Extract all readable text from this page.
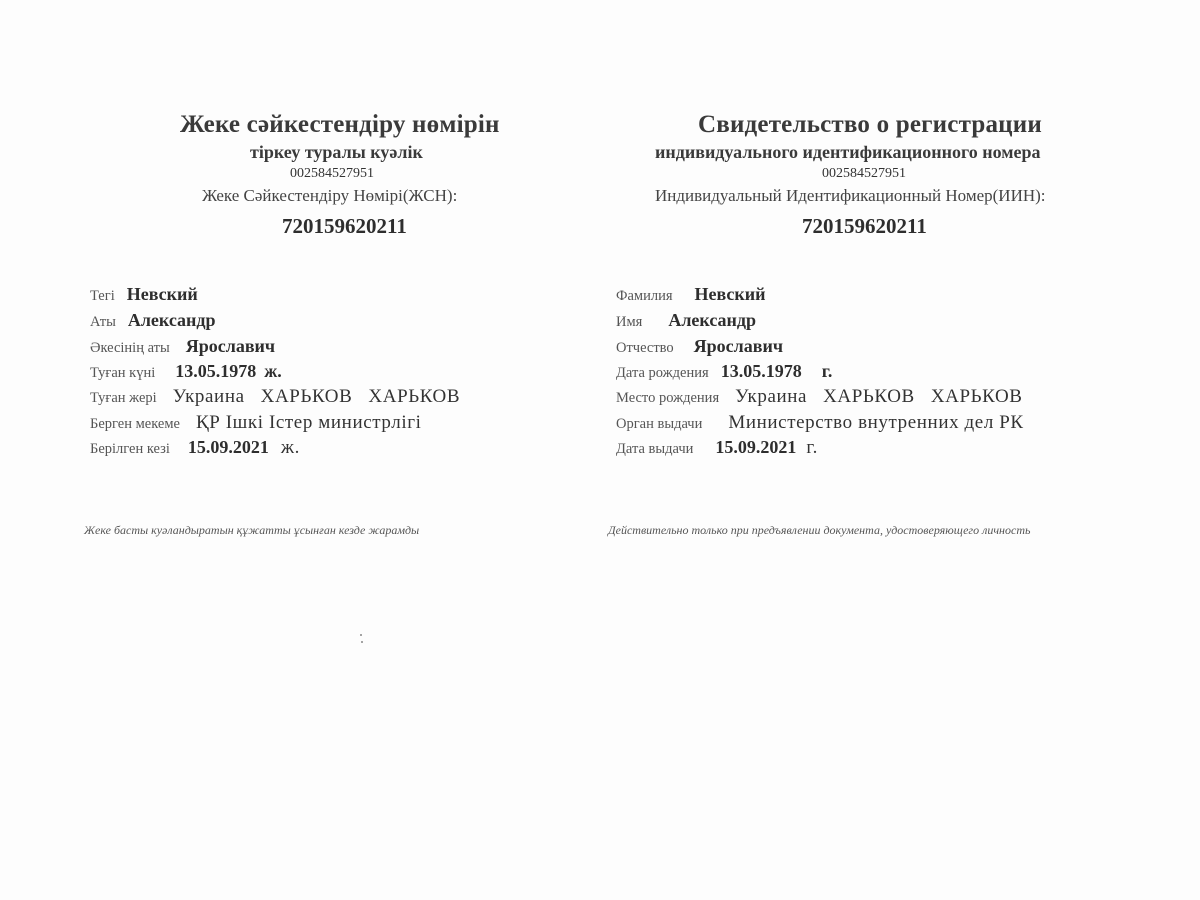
Жеке сәйкестендіру нөмірін
тіркеу туралы куәлік
002584527951
Жеке Сәйкестендіру Нөмірі(ЖСН):
720159620211
Тегі Невский
Аты Александр
Әкесінің аты Ярославич
Туған күні 13.05.1978 ж.
Туған жері Украина   ХАРЬКОВ   ХАРЬКОВ
Берген мекеме ҚР Ішкі Істер министрлігі
Берілген кезі 15.09.2021 ж.
Жеке басты куәландыратын құжатты ұсынған кезде жарамды
Свидетельство о регистрации
индивидуального идентификационного номера
002584527951
Индивидуальный Идентификационный Номер(ИИН):
720159620211
Фамилия Невский
Имя Александр
Отчество Ярославич
Дата рождения 13.05.1978 г.
Место рождения Украина   ХАРЬКОВ   ХАРЬКОВ
Орган выдачи Министерство внутренних дел РК
Дата выдачи 15.09.2021 г.
Действительно только при предъявлении документа, удостоверяющего личность
